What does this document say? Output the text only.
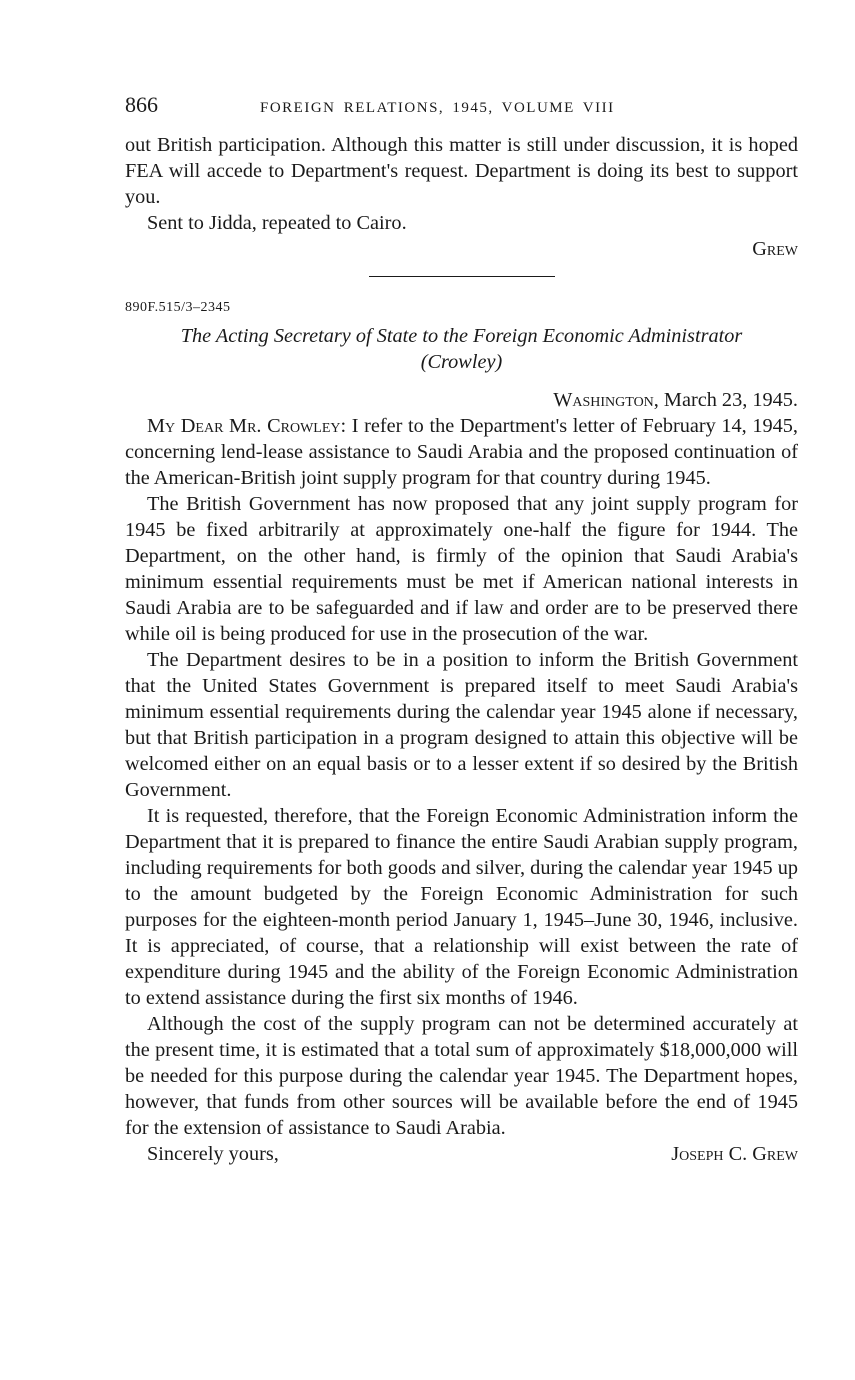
866	FOREIGN RELATIONS, 1945, VOLUME VIII

out British participation. Although this matter is still under discussion, it is hoped FEA will accede to Department's request. Department is doing its best to support you.

Sent to Jidda, repeated to Cairo.

Grew

890F.515/3–2345
The Acting Secretary of State to the Foreign Economic Administrator
(Crowley)
Washington, March 23, 1945.

My Dear Mr. Crowley: I refer to the Department's letter of February 14, 1945, concerning lend-lease assistance to Saudi Arabia and the proposed continuation of the American-British joint supply program for that country during 1945.

The British Government has now proposed that any joint supply program for 1945 be fixed arbitrarily at approximately one-half the figure for 1944. The Department, on the other hand, is firmly of the opinion that Saudi Arabia's minimum essential requirements must be met if American national interests in Saudi Arabia are to be safeguarded and if law and order are to be preserved there while oil is being produced for use in the prosecution of the war.

The Department desires to be in a position to inform the British Government that the United States Government is prepared itself to meet Saudi Arabia's minimum essential requirements during the calendar year 1945 alone if necessary, but that British participation in a program designed to attain this objective will be welcomed either on an equal basis or to a lesser extent if so desired by the British Government.

It is requested, therefore, that the Foreign Economic Administration inform the Department that it is prepared to finance the entire Saudi Arabian supply program, including requirements for both goods and silver, during the calendar year 1945 up to the amount budgeted by the Foreign Economic Administration for such purposes for the eighteen-month period January 1, 1945–June 30, 1946, inclusive. It is appreciated, of course, that a relationship will exist between the rate of expenditure during 1945 and the ability of the Foreign Economic Administration to extend assistance during the first six months of 1946.

Although the cost of the supply program can not be determined accurately at the present time, it is estimated that a total sum of approximately $18,000,000 will be needed for this purpose during the calendar year 1945. The Department hopes, however, that funds from other sources will be available before the end of 1945 for the extension of assistance to Saudi Arabia.

Sincerely yours,	Joseph C. Grew
